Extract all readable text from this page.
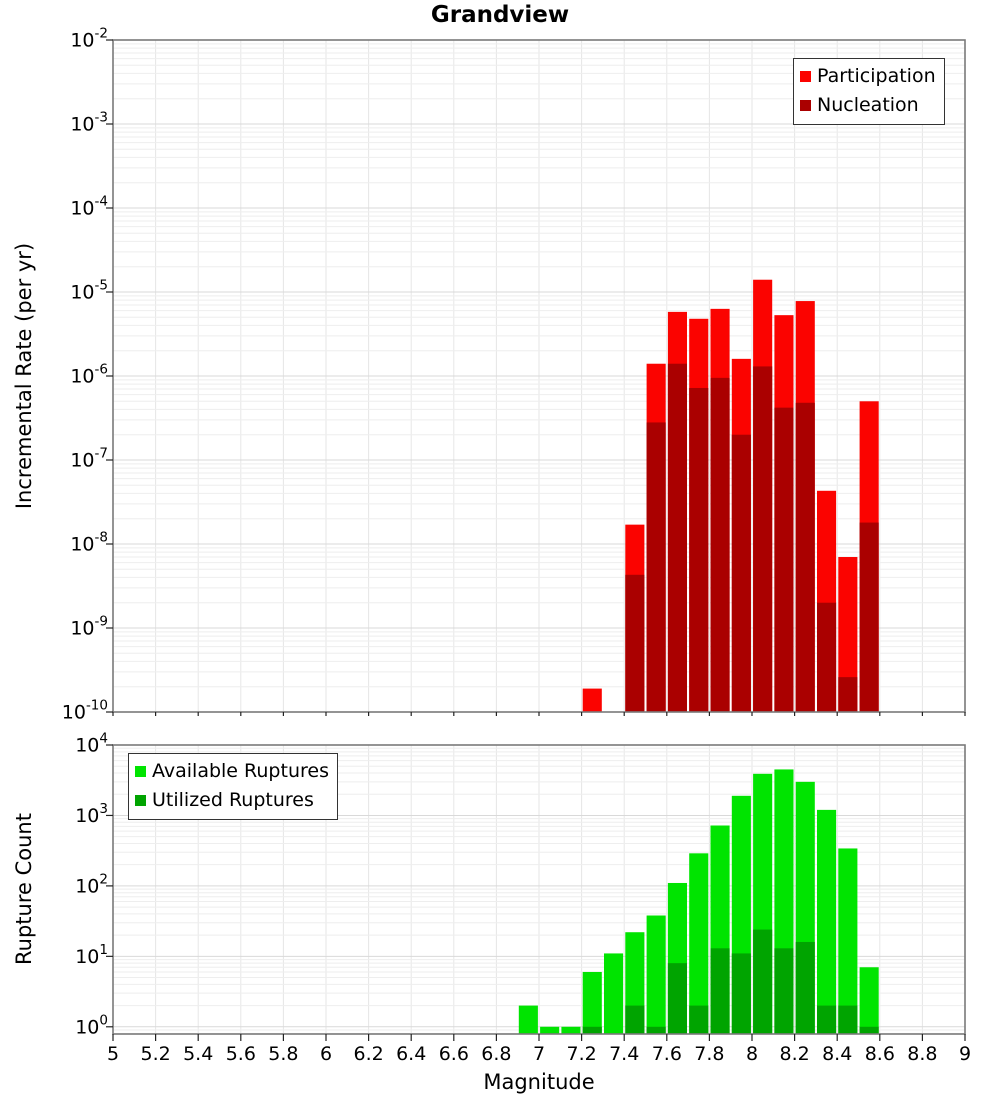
Grandview
$10^{-2}$
$10^{-3}$
$10^{-4}$
$10^{-5}$
$10^{-6}$
$10^{-7}$
$10^{-8}$
$10^{-9}$
$10^{-10}$
$10^4$
$10^3$
$10^2$
$10^1$
$10^0$
5 5.2 5.4 5.6 5.8 6 6.2 6.4 6.6 6.8 7 7.2 7.4 7.6 7.8 8 8.2 8.4 8.6 8.8 9
Incremental Rate (per yr)
Rupture Count
Magnitude
Participation
Nucleation
Available Ruptures
Utilized Ruptures
